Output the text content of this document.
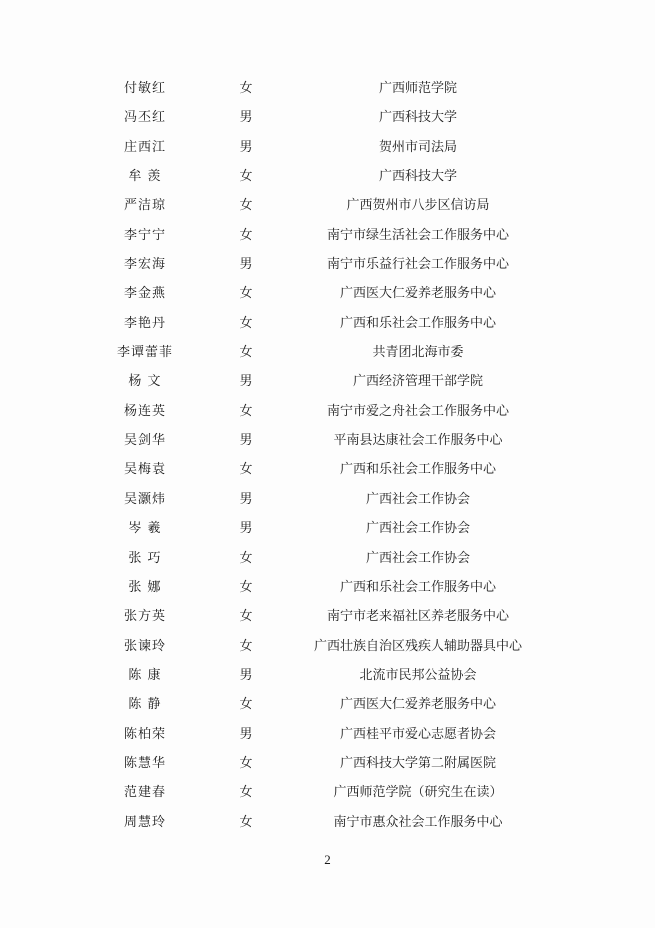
付敏红	女	广西师范学院
冯丕红	男	广西科技大学
庄西江	男	贺州市司法局
牟 羡	女	广西科技大学
严洁琼	女	广西贺州市八步区信访局
李宁宁	女	南宁市绿生活社会工作服务中心
李宏海	男	南宁市乐益行社会工作服务中心
李金燕	女	广西医大仁爱养老服务中心
李艳丹	女	广西和乐社会工作服务中心
李谭蕾菲	女	共青团北海市委
杨 文	男	广西经济管理干部学院
杨连英	女	南宁市爱之舟社会工作服务中心
吴剑华	男	平南县达康社会工作服务中心
吴梅袁	女	广西和乐社会工作服务中心
吴灏炜	男	广西社会工作协会
岑 羲	男	广西社会工作协会
张 巧	女	广西社会工作协会
张 娜	女	广西和乐社会工作服务中心
张方英	女	南宁市老来福社区养老服务中心
张谏玲	女	广西壮族自治区残疾人辅助器具中心
陈 康	男	北流市民邦公益协会
陈 静	女	广西医大仁爱养老服务中心
陈柏荣	男	广西桂平市爱心志愿者协会
陈慧华	女	广西科技大学第二附属医院
范建春	女	广西师范学院（研究生在读）
周慧玲	女	南宁市惠众社会工作服务中心
2
